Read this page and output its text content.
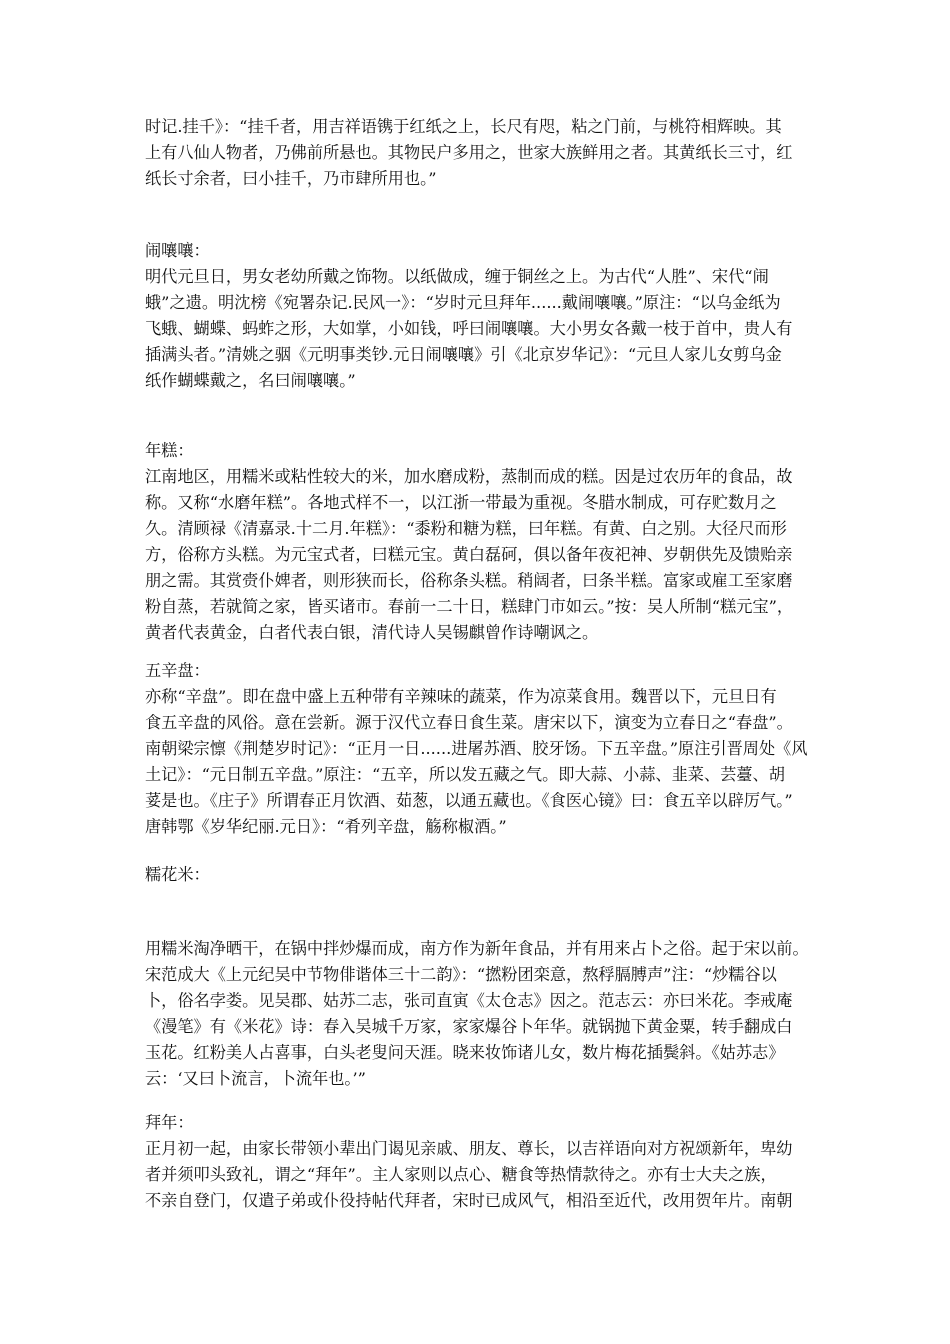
时记.挂千》：“挂千者，用吉祥语镌于红纸之上，长尺有咫，粘之门前，与桃符相辉映。其
上有八仙人物者，乃佛前所悬也。其物民户多用之，世家大族鲜用之者。其黄纸长三寸，红
纸长寸余者，曰小挂千，乃市肆所用也。”
闹嚷嚷：
明代元旦日，男女老幼所戴之饰物。以纸做成，缠于铜丝之上。为古代“人胜”、宋代“闹
蛾”之遗。明沈榜《宛署杂记.民风一》：“岁时元旦拜年......戴闹嚷嚷。”原注：“以乌金纸为
飞蛾、蝴蝶、蚂蚱之形，大如掌，小如钱，呼曰闹嚷嚷。大小男女各戴一枝于首中，贵人有
插满头者。”清姚之骃《元明事类钞.元日闹嚷嚷》引《北京岁华记》：“元旦人家儿女剪乌金
纸作蝴蝶戴之，名曰闹嚷嚷。”
年糕：
江南地区，用糯米或粘性较大的米，加水磨成粉，蒸制而成的糕。因是过农历年的食品，故
称。又称“水磨年糕”。各地式样不一，以江浙一带最为重视。冬腊水制成，可存贮数月之
久。清顾禄《清嘉录.十二月.年糕》：“黍粉和糖为糕，曰年糕。有黄、白之别。大径尺而形
方，俗称方头糕。为元宝式者，曰糕元宝。黄白磊砢，俱以备年夜祀神、岁朝供先及馈贻亲
朋之需。其赏赍仆婢者，则形狭而长，俗称条头糕。稍阔者，曰条半糕。富家或雇工至家磨
粉自蒸，若就简之家，皆买诸市。春前一二十日，糕肆门市如云。”按：吴人所制“糕元宝”，
黄者代表黄金，白者代表白银，清代诗人吴锡麒曾作诗嘲讽之。
五辛盘：
亦称“辛盘”。即在盘中盛上五种带有辛辣味的蔬菜，作为凉菜食用。魏晋以下，元旦日有
食五辛盘的风俗。意在尝新。源于汉代立春日食生菜。唐宋以下，演变为立春日之“春盘”。
南朝梁宗懔《荆楚岁时记》：“正月一日......进屠苏酒、胶牙饧。下五辛盘。”原注引晋周处《风
土记》：“元日制五辛盘。”原注：“五辛，所以发五藏之气。即大蒜、小蒜、韭菜、芸薹、胡
荽是也。《庄子》所谓春正月饮酒、茹葱，以通五藏也。《食医心镜》曰：食五辛以辟厉气。”
唐韩鄂《岁华纪丽.元日》：“肴列辛盘，觞称椒酒。”
糯花米：
用糯米淘净晒干，在锅中拌炒爆而成，南方作为新年食品，并有用来占卜之俗。起于宋以前。
宋范成大《上元纪吴中节物俳谐体三十二韵》：“撚粉团栾意，熬稃膈膊声”注：“炒糯谷以
卜，俗名孛娄。见吴郡、姑苏二志，张司直寅《太仓志》因之。范志云：亦曰米花。李戒庵
《漫笔》有《米花》诗：春入吴城千万家，家家爆谷卜年华。就锅抛下黄金粟，转手翻成白
玉花。红粉美人占喜事，白头老叟问天涯。晓来妆饰诸儿女，数片梅花插鬓斜。《姑苏志》
云：‘又曰卜流言，卜流年也。’”
拜年：
正月初一起，由家长带领小辈出门谒见亲戚、朋友、尊长，以吉祥语向对方祝颂新年，卑幼
者并须叩头致礼，谓之“拜年”。主人家则以点心、糖食等热情款待之。亦有士大夫之族，
不亲自登门，仅遣子弟或仆役持帖代拜者，宋时已成风气，相沿至近代，改用贺年片。南朝
